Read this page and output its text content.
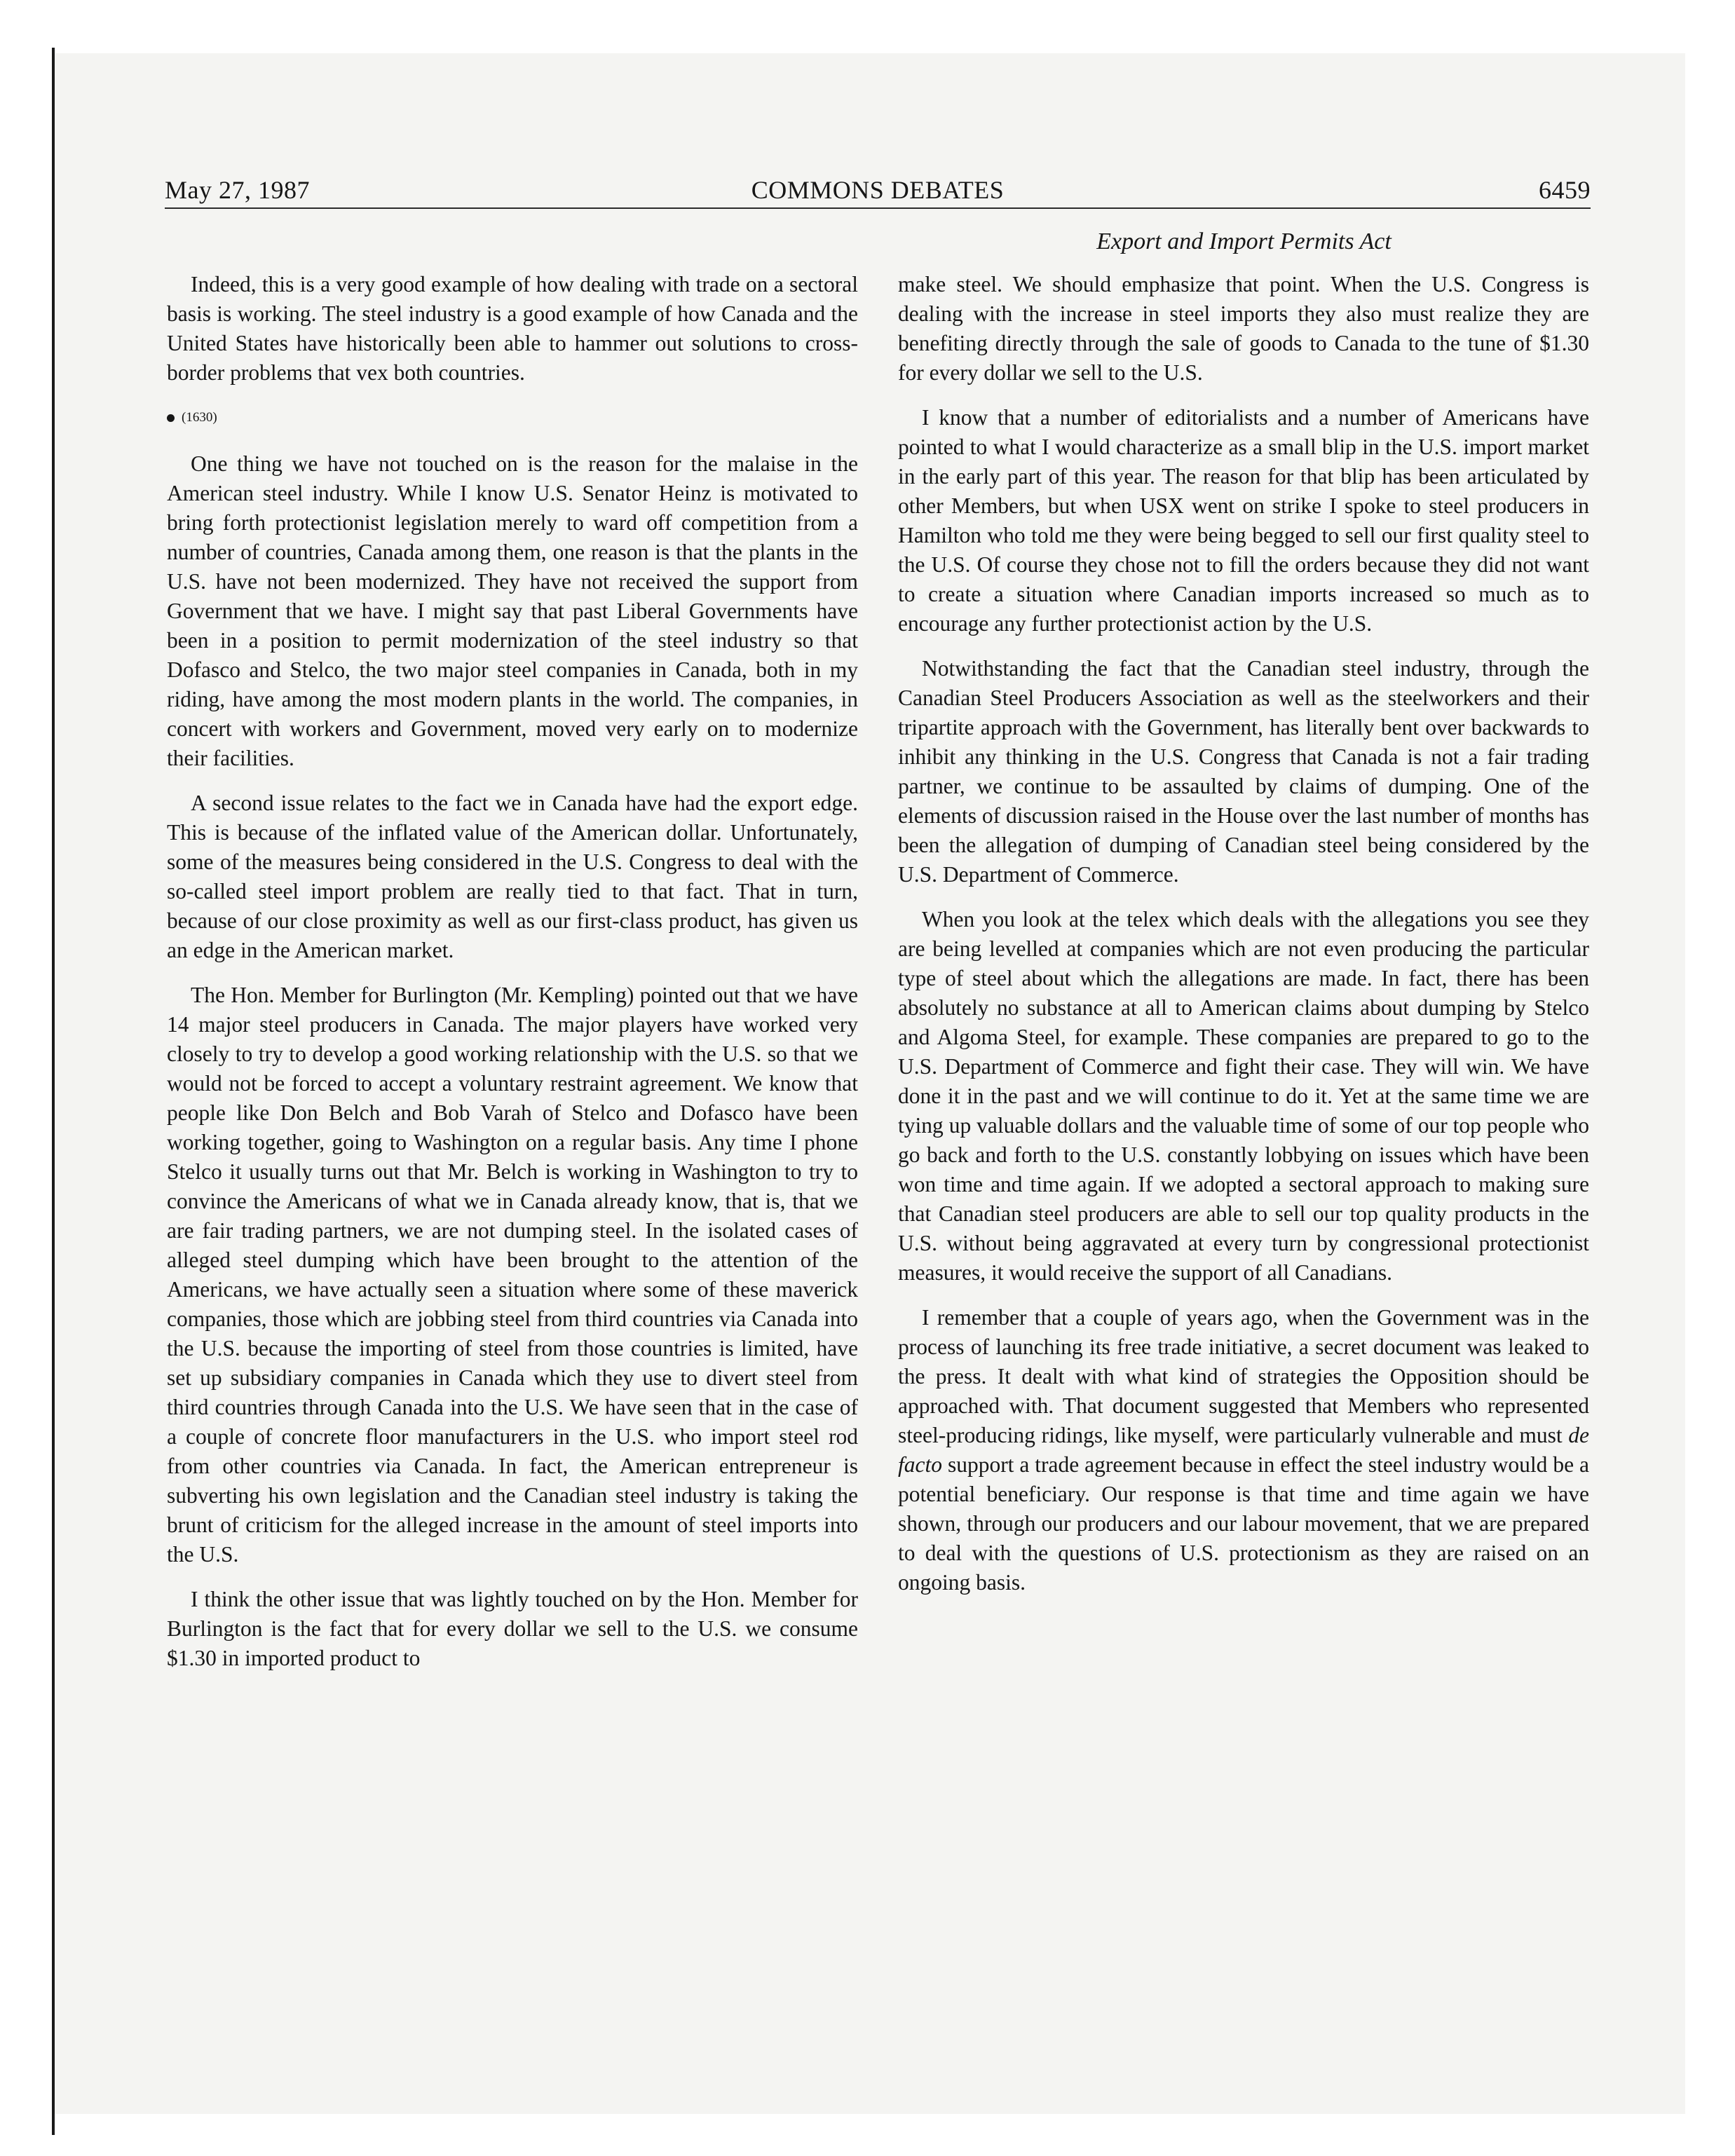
COMMONS DEBATES
May 27, 1987	6459
Export and Import Permits Act

Indeed, this is a very good example of how dealing with trade on a sectoral basis is working. The steel industry is a good example of how Canada and the United States have historically been able to hammer out solutions to cross-border problems that vex both countries.

(1630)

One thing we have not touched on is the reason for the malaise in the American steel industry. While I know U.S. Senator Heinz is motivated to bring forth protectionist legislation merely to ward off competition from a number of countries, Canada among them, one reason is that the plants in the U.S. have not been modernized. They have not received the support from Government that we have. I might say that past Liberal Governments have been in a position to permit modernization of the steel industry so that Dofasco and Stelco, the two major steel companies in Canada, both in my riding, have among the most modern plants in the world. The companies, in concert with workers and Government, moved very early on to modernize their facilities.

A second issue relates to the fact we in Canada have had the export edge. This is because of the inflated value of the American dollar. Unfortunately, some of the measures being considered in the U.S. Congress to deal with the so-called steel import problem are really tied to that fact. That in turn, because of our close proximity as well as our first-class product, has given us an edge in the American market.

The Hon. Member for Burlington (Mr. Kempling) pointed out that we have 14 major steel producers in Canada. The major players have worked very closely to try to develop a good working relationship with the U.S. so that we would not be forced to accept a voluntary restraint agreement. We know that people like Don Belch and Bob Varah of Stelco and Dofasco have been working together, going to Washington on a regular basis. Any time I phone Stelco it usually turns out that Mr. Belch is working in Washington to try to convince the Americans of what we in Canada already know, that is, that we are fair trading partners, we are not dumping steel. In the isolated cases of alleged steel dumping which have been brought to the attention of the Americans, we have actually seen a situation where some of these maverick companies, those which are jobbing steel from third countries via Canada into the U.S. because the importing of steel from those countries is limited, have set up subsidiary companies in Canada which they use to divert steel from third countries through Canada into the U.S. We have seen that in the case of a couple of concrete floor manufacturers in the U.S. who import steel rod from other countries via Canada. In fact, the American entrepreneur is subverting his own legislation and the Canadian steel industry is taking the brunt of criticism for the alleged increase in the amount of steel imports into the U.S.

I think the other issue that was lightly touched on by the Hon. Member for Burlington is the fact that for every dollar we sell to the U.S. we consume $1.30 in imported product to

make steel. We should emphasize that point. When the U.S. Congress is dealing with the increase in steel imports they also must realize they are benefiting directly through the sale of goods to Canada to the tune of $1.30 for every dollar we sell to the U.S.

I know that a number of editorialists and a number of Americans have pointed to what I would characterize as a small blip in the U.S. import market in the early part of this year. The reason for that blip has been articulated by other Members, but when USX went on strike I spoke to steel producers in Hamilton who told me they were being begged to sell our first quality steel to the U.S. Of course they chose not to fill the orders because they did not want to create a situation where Canadian imports increased so much as to encourage any further protectionist action by the U.S.

Notwithstanding the fact that the Canadian steel industry, through the Canadian Steel Producers Association as well as the steelworkers and their tripartite approach with the Government, has literally bent over backwards to inhibit any thinking in the U.S. Congress that Canada is not a fair trading partner, we continue to be assaulted by claims of dumping. One of the elements of discussion raised in the House over the last number of months has been the allegation of dumping of Canadian steel being considered by the U.S. Department of Commerce.

When you look at the telex which deals with the allegations you see they are being levelled at companies which are not even producing the particular type of steel about which the allegations are made. In fact, there has been absolutely no substance at all to American claims about dumping by Stelco and Algoma Steel, for example. These companies are prepared to go to the U.S. Department of Commerce and fight their case. They will win. We have done it in the past and we will continue to do it. Yet at the same time we are tying up valuable dollars and the valuable time of some of our top people who go back and forth to the U.S. constantly lobbying on issues which have been won time and time again. If we adopted a sectoral approach to making sure that Canadian steel producers are able to sell our top quality products in the U.S. without being aggravated at every turn by congressional protectionist measures, it would receive the support of all Canadians.

I remember that a couple of years ago, when the Government was in the process of launching its free trade initiative, a secret document was leaked to the press. It dealt with what kind of strategies the Opposition should be approached with. That document suggested that Members who represented steel-producing ridings, like myself, were particularly vulnerable and must de facto support a trade agreement because in effect the steel industry would be a potential beneficiary. Our response is that time and time again we have shown, through our producers and our labour movement, that we are prepared to deal with the questions of U.S. protectionism as they are raised on an ongoing basis.
